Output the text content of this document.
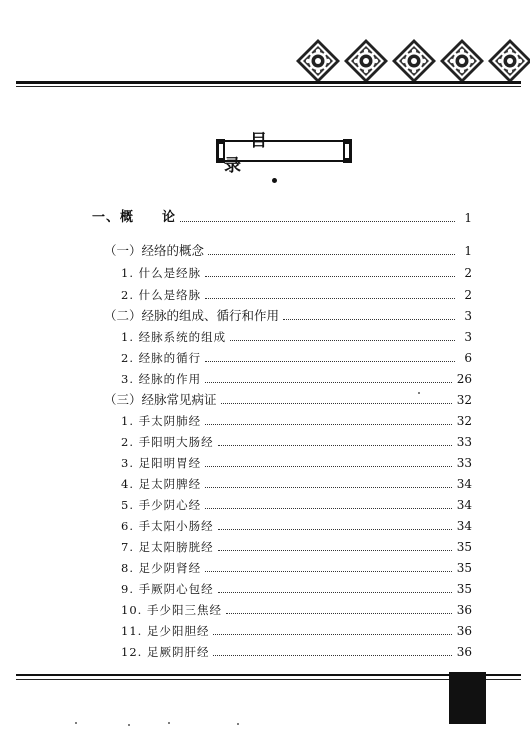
目 录
一、概　　论	1
（一）经络的概念	1
1. 什么是经脉	2
2. 什么是络脉	2
（二）经脉的组成、循行和作用	3
1. 经脉系统的组成	3
2. 经脉的循行	6
3. 经脉的作用	26
（三）经脉常见病证	32
1. 手太阴肺经	32
2. 手阳明大肠经	33
3. 足阳明胃经	33
4. 足太阴脾经	34
5. 手少阴心经	34
6. 手太阳小肠经	34
7. 足太阳膀胱经	35
8. 足少阴肾经	35
9. 手厥阴心包经	35
10. 手少阳三焦经	36
11. 足少阳胆经	36
12. 足厥阴肝经	36
